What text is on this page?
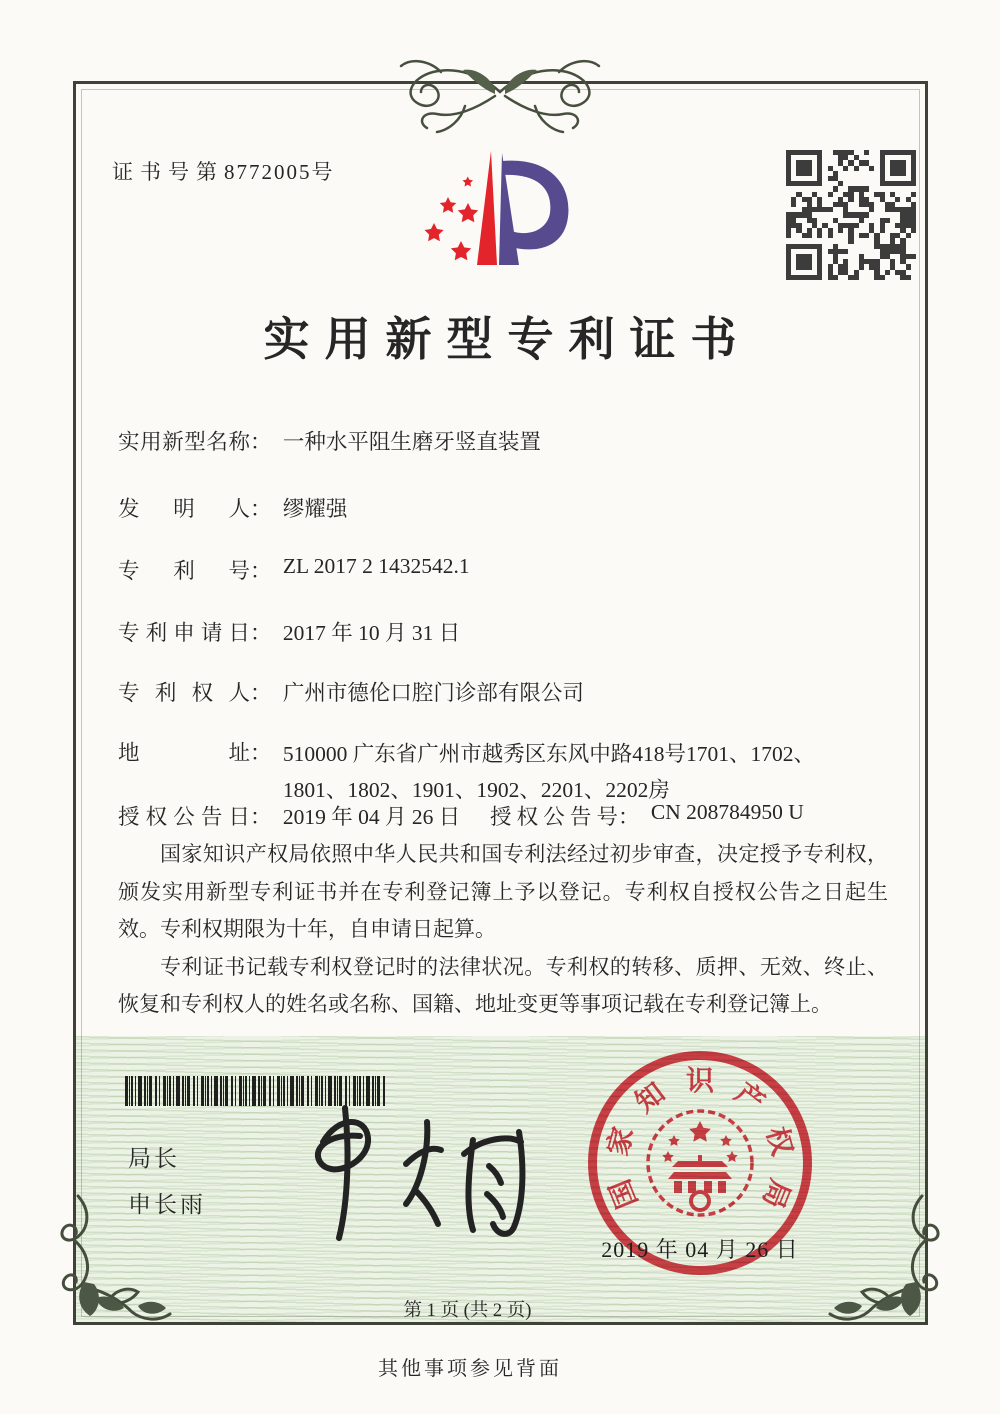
证书号第8772005号
实用新型专利证书
实 用 新 型 名 称 ： 一种水平阻生磨牙竖直装置
发 明 人 ： 缪耀强
专 利 号 ： ZL 2017 2 1432542.1
专 利 申 请 日 ： 2017 年 10 月 31 日
专 利 权 人 ： 广州市德伦口腔门诊部有限公司
地	址 ： 510000 广东省广州市越秀区东风中路418号1701、1702、1801、1802、1901、1902、2201、2202房
授 权 公 告 日 ： 2019 年 04 月 26 日 授 权 公 告 号 ： CN 208784950 U

国家知识产权局依照中华人民共和国专利法经过初步审查，决定授予专利权，颁发实用新型专利证书并在专利登记簿上予以登记。专利权自授权公告之日起生效。专利权期限为十年，自申请日起算。

专利证书记载专利权登记时的法律状况。专利权的转移、质押、无效、终止、恢复和专利权人的姓名或名称、国籍、地址变更等事项记载在专利登记簿上。

局长
申长雨	国
家
知 识 产
权
局
2019 年 04 月 26 日
第 1 页 (共 2 页)
其他事项参见背面
